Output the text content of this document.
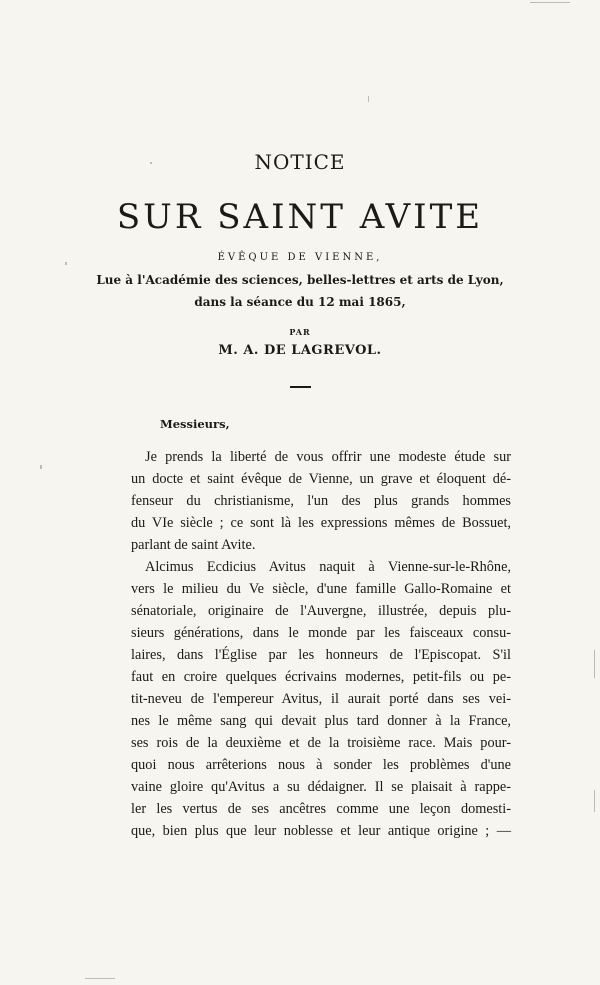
NOTICE
SUR SAINT AVITE
ÉVÊQUE DE VIENNE,
Lue à l'Académie des sciences, belles-lettres et arts de Lyon,
dans la séance du 12 mai 1865,
PAR
M. A. DE LAGREVOL.
Messieurs,
Je prends la liberté de vous offrir une modeste étude sur
un docte et saint évêque de Vienne, un grave et éloquent dé-
fenseur du christianisme, l'un des plus grands hommes
du VIe siècle ; ce sont là les expressions mêmes de Bossuet,
parlant de saint Avite.
Alcimus Ecdicius Avitus naquit à Vienne-sur-le-Rhône,
vers le milieu du Ve siècle, d'une famille Gallo-Romaine et
sénatoriale, originaire de l'Auvergne, illustrée, depuis plu-
sieurs générations, dans le monde par les faisceaux consu-
laires, dans l'Église par les honneurs de l'Episcopat. S'il
faut en croire quelques écrivains modernes, petit-fils ou pe-
tit-neveu de l'empereur Avitus, il aurait porté dans ses vei-
nes le même sang qui devait plus tard donner à la France,
ses rois de la deuxième et de la troisième race. Mais pour-
quoi nous arrêterions nous à sonder les problèmes d'une
vaine gloire qu'Avitus a su dédaigner. Il se plaisait à rappe-
ler les vertus de ses ancêtres comme une leçon domesti-
que, bien plus que leur noblesse et leur antique origine ; —
